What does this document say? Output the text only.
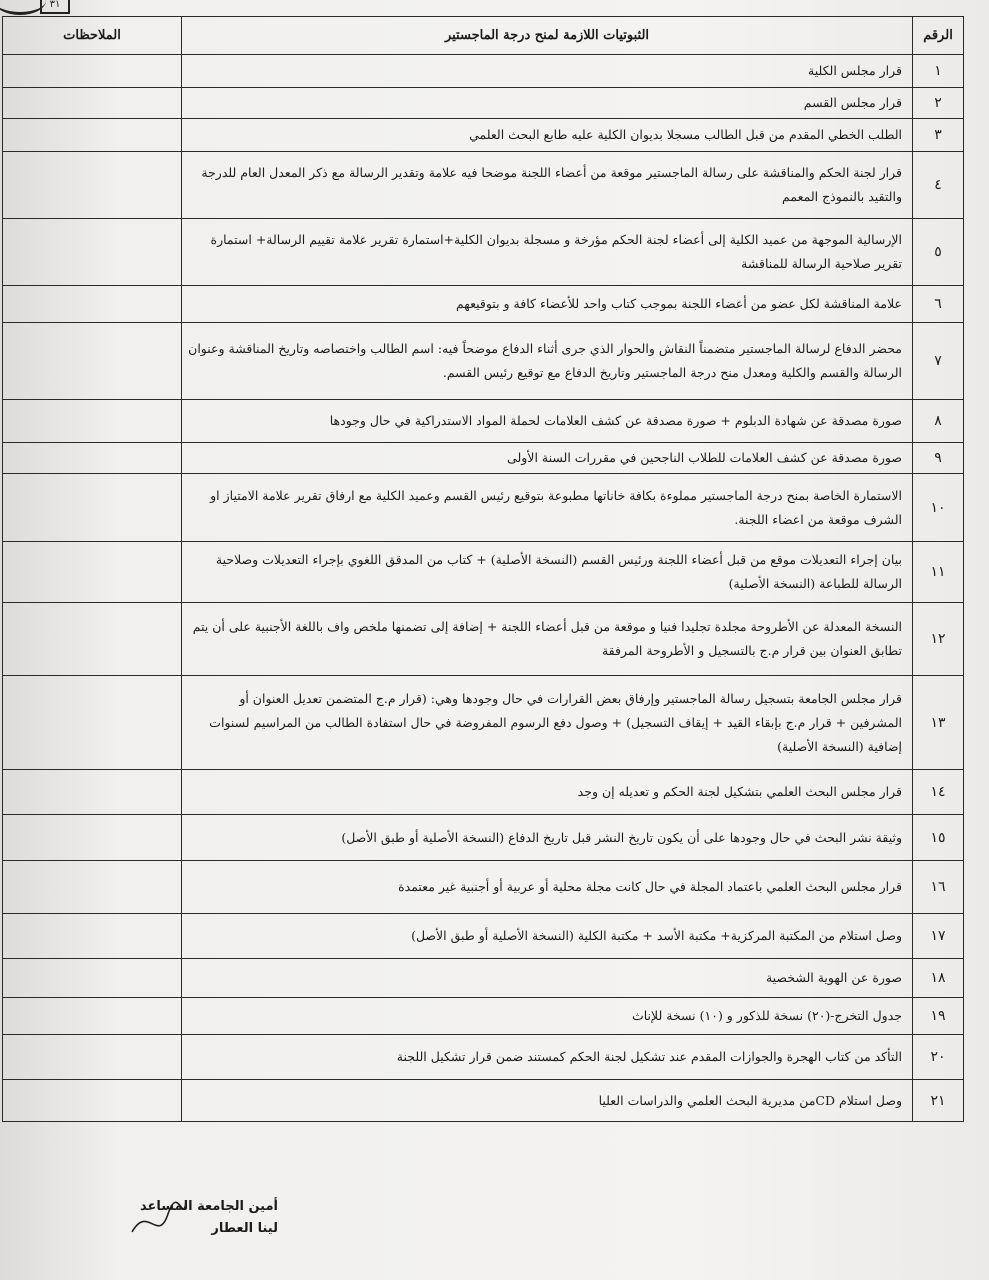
٣١
الرقم	الثبوتيات اللازمة لمنح درجة الماجستير	الملاحظات
١	قرار مجلس الكلية	
٢	قرار مجلس القسم	
٣	الطلب الخطي المقدم من قبل الطالب مسجلا بديوان الكلية عليه طابع البحث العلمي	
٤	قرار لجنة الحكم والمناقشة على رسالة الماجستير موقعة من أعضاء اللجنة موضحا فيه علامة وتقدير الرسالة مع ذكر المعدل العام للدرجة والتقيد بالنموذج المعمم	
٥	الإرسالية الموجهة من عميد الكلية إلى أعضاء لجنة الحكم مؤرخة و مسجلة بديوان الكلية+استمارة تقرير علامة تقييم الرسالة+ استمارة تقرير صلاحية الرسالة للمناقشة	
٦	علامة المناقشة لكل عضو من أعضاء اللجنة بموجب كتاب واحد للأعضاء كافة و بتوقيعهم	
٧	محضر الدفاع لرسالة الماجستير متضمناً النقاش والحوار الذي جرى أثناء الدفاع موضحاً فيه: اسم الطالب واختصاصه وتاريخ المناقشة وعنوان الرسالة والقسم والكلية ومعدل منح درجة الماجستير وتاريخ الدفاع مع توقيع رئيس القسم.	
٨	صورة مصدقة عن شهادة الدبلوم + صورة مصدقة عن كشف العلامات لحملة المواد الاستدراكية في حال وجودها	
٩	صورة مصدقة عن كشف العلامات للطلاب الناجحين في مقررات السنة الأولى	
١٠	الاستمارة الخاصة بمنح درجة الماجستير مملوءة بكافة خاناتها مطبوعة بتوقيع رئيس القسم وعميد الكلية مع ارفاق تقرير علامة الامتياز او الشرف موقعة من اعضاء اللجنة.	
١١	بيان إجراء التعديلات موقع من قبل أعضاء اللجنة ورئيس القسم (النسخة الأصلية) + كتاب من المدقق اللغوي بإجراء التعديلات وصلاحية الرسالة للطباعة (النسخة الأصلية)	
١٢	النسخة المعدلة عن الأطروحة مجلدة تجليدا فنيا و موقعة من قبل أعضاء اللجنة + إضافة إلى تضمنها ملخص واف باللغة الأجنبية على أن يتم تطابق العنوان بين قرار م.ج بالتسجيل و الأطروحة المرفقة	
١٣	قرار مجلس الجامعة بتسجيل رسالة الماجستير وإرفاق بعض القرارات في حال وجودها وهي: (قرار م.ج المتضمن تعديل العنوان أو المشرفين + قرار م.ج بإبقاء القيد + إيقاف التسجيل) + وصول دفع الرسوم المفروضة في حال استفادة الطالب من المراسيم لسنوات إضافية (النسخة الأصلية)	
١٤	قرار مجلس البحث العلمي بتشكيل لجنة الحكم و تعديله إن وجد	
١٥	وثيقة نشر البحث في حال وجودها على أن يكون تاريخ النشر قبل تاريخ الدفاع (النسخة الأصلية أو طبق الأصل)	
١٦	قرار مجلس البحث العلمي باعتماد المجلة في حال كانت مجلة محلية أو عربية أو أجنبية غير معتمدة	
١٧	وصل استلام من المكتبة المركزية+ مكتبة الأسد + مكتبة الكلية (النسخة الأصلية أو طبق الأصل)	
١٨	صورة عن الهوية الشخصية	
١٩	جدول التخرج-(٢٠) نسخة للذكور و (١٠) نسخة للإناث	
٢٠	التأكد من كتاب الهجرة والجوازات المقدم عند تشكيل لجنة الحكم كمستند ضمن قرار تشكيل اللجنة	
٢١	وصل استلام CDمن مديرية البحث العلمي والدراسات العليا	
أمين الجامعة المساعد
لينا العطار
